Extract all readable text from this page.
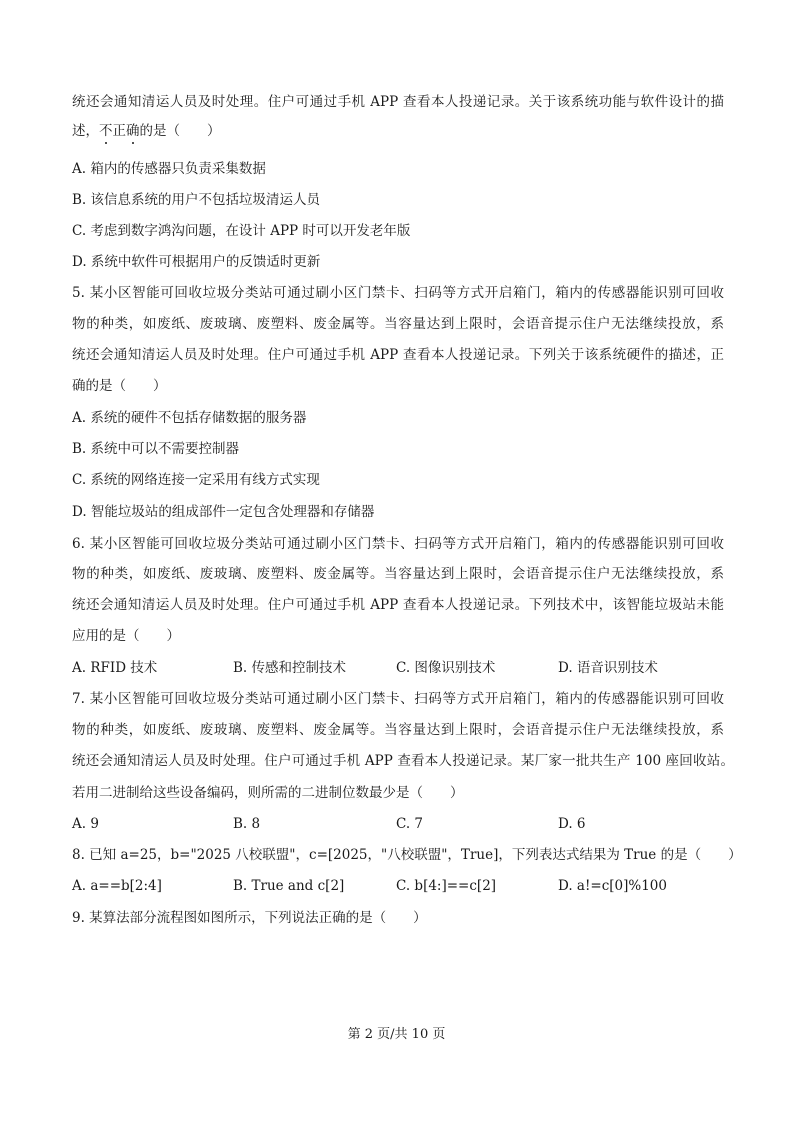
统还会通知清运人员及时处理。住户可通过手机 APP 查看本人投递记录。关于该系统功能与软件设计的描
述，不正确的是（　　）
A. 箱内的传感器只负责采集数据
B. 该信息系统的用户不包括垃圾清运人员
C. 考虑到数字鸿沟问题，在设计 APP 时可以开发老年版
D. 系统中软件可根据用户的反馈适时更新
5. 某小区智能可回收垃圾分类站可通过刷小区门禁卡、扫码等方式开启箱门，箱内的传感器能识别可回收
物的种类，如废纸、废玻璃、废塑料、废金属等。当容量达到上限时，会语音提示住户无法继续投放，系
统还会通知清运人员及时处理。住户可通过手机 APP 查看本人投递记录。下列关于该系统硬件的描述，正
确的是（　　）
A. 系统的硬件不包括存储数据的服务器
B. 系统中可以不需要控制器
C. 系统的网络连接一定采用有线方式实现
D. 智能垃圾站的组成部件一定包含处理器和存储器
6. 某小区智能可回收垃圾分类站可通过刷小区门禁卡、扫码等方式开启箱门，箱内的传感器能识别可回收
物的种类，如废纸、废玻璃、废塑料、废金属等。当容量达到上限时，会语音提示住户无法继续投放，系
统还会通知清运人员及时处理。住户可通过手机 APP 查看本人投递记录。下列技术中，该智能垃圾站未能
应用的是（　　）
A. RFID 技术	B. 传感和控制技术	C. 图像识别技术	D. 语音识别技术
7. 某小区智能可回收垃圾分类站可通过刷小区门禁卡、扫码等方式开启箱门，箱内的传感器能识别可回收
物的种类，如废纸、废玻璃、废塑料、废金属等。当容量达到上限时，会语音提示住户无法继续投放，系
统还会通知清运人员及时处理。住户可通过手机 APP 查看本人投递记录。某厂家一批共生产 100 座回收站。
若用二进制给这些设备编码，则所需的二进制位数最少是（　　）
A. 9	B. 8	C. 7	D. 6
8. 已知 a=25，b="2025 八校联盟"，c=[2025，"八校联盟"，True]，下列表达式结果为 True 的是（　　）
A. a==b[2:4]	B. True and c[2]	C. b[4:]==c[2]	D. a!=c[0]%100
9. 某算法部分流程图如图所示，下列说法正确的是（　　）
第 2 页/共 10 页
